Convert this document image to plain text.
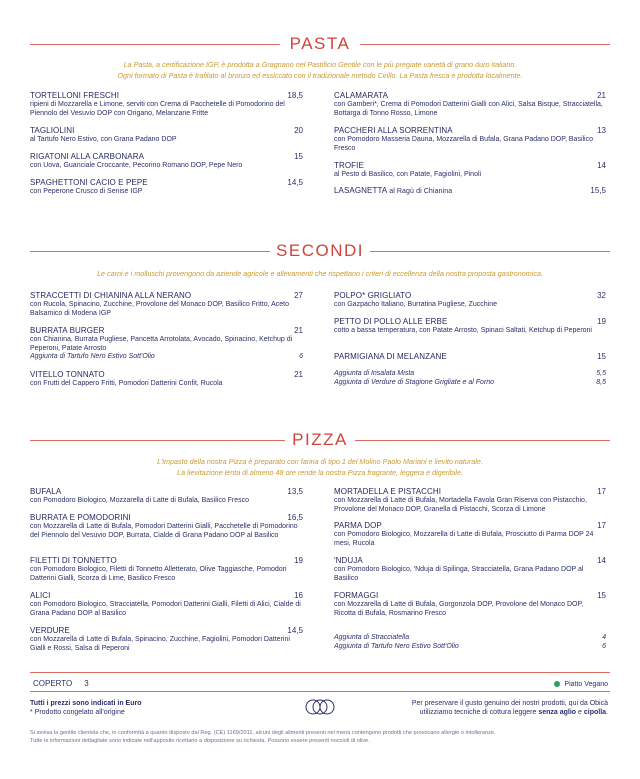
PASTA
La Pasta, a certificazione IGP, è prodotta a Gragnano nel Pastificio Gentile con le più pregiate varietà di grano duro italiano.
Ogni formato di Pasta è trafilato al bronzo ed essiccato con il tradizionale metodo Cirillo. La Pasta fresca è prodotta localmente.
TORTELLONI FRESCHI
ripieni di Mozzarella e Limone, serviti con Crema di Pacchetelle di Pomodorino del Piennolo del Vesuvio DOP con Origano, Melanzane Fritte
18,5
TAGLIOLINI
al Tartufo Nero Estivo, con Grana Padano DOP
20
RIGATONI ALLA CARBONARA
con Uova, Guanciale Croccante, Pecorino Romano DOP, Pepe Nero
15
SPAGHETTONI CACIO E PEPE
con Peperone Crusco di Senise IGP
14,5
CALAMARATA
con Gamberi*, Crema di Pomodori Datterini Gialli con Alici, Salsa Bisque, Stracciatella, Bottarga di Tonno Rosso, Limone
21
PACCHERI ALLA SORRENTINA
con Pomodoro Masseria Dauna, Mozzarella di Bufala, Grana Padano DOP, Basilico Fresco
13
TROFIE
al Pesto di Basilico, con Patate, Fagiolini, Pinoli
14
LASAGNETTA al Ragù di Chianina	15,5
SECONDI
Le carni e i molluschi provengono da aziende agricole e allevamenti che rispettano i criteri di eccellenza della nostra proposta gastronomica.
STRACCETTI DI CHIANINA ALLA NERANO
con Rucola, Spinacino, Zucchine, Provolone del Monaco DOP, Basilico Fritto, Aceto Balsamico di Modena IGP
27
BURRATA BURGER
con Chianina, Burrata Pugliese, Pancetta Arrotolata, Avocado, Spinacino, Ketchup di Peperoni, Patate Arrosto
Aggiunta di Tartufo Nero Estivo Sott'Olio	6
21
VITELLO TONNATO
con Frutti del Cappero Fritti, Pomodori Datterini Confit, Rucola
21
POLPO* GRIGLIATO
con Gazpacho Italiano, Burratina Pugliese, Zucchine
32
PETTO DI POLLO ALLE ERBE
cotto a bassa temperatura, con Patate Arrosto, Spinaci Saltati, Ketchup di Peperoni
19
PARMIGIANA DI MELANZANE	15
Aggiunta di Insalata Mista	5,5
Aggiunta di Verdure di Stagione Grigliate e al Forno	8,5
PIZZA
L'impasto della nostra Pizza è preparato con farina di tipo 1 del Molino Paolo Mariani e lievito naturale.
La lievitazione lenta di almeno 48 ore rende la nostra Pizza fragrante, leggera e digeribile.
BUFALA
con Pomodoro Biologico, Mozzarella di Latte di Bufala, Basilico Fresco
13,5
BURRATA E POMODORINI
con Mozzarella di Latte di Bufala, Pomodori Datterini Gialli, Pacchetelle di Pomodorino del Piennolo del Vesuvio DOP, Burrata, Cialde di Grana Padano DOP al Basilico
16,5
FILETTI DI TONNETTO
con Pomodoro Biologico, Filetti di Tonnetto Alletterato, Olive Taggiasche, Pomodori Datterini Gialli, Scorza di Lime, Basilico Fresco
19
ALICI
con Pomodoro Biologico, Stracciatella, Pomodori Datterini Gialli, Filetti di Alici, Cialde di Grana Padano DOP al Basilico
16
VERDURE
con Mozzarella di Latte di Bufala, Spinacino, Zucchine, Fagiolini, Pomodori Datterini Gialli e Rossi, Salsa di Peperoni
14,5
MORTADELLA E PISTACCHI
con Mozzarella di Latte di Bufala, Mortadella Favola Gran Riserva con Pistacchio, Provolone del Monaco DOP, Granella di Pistacchi, Scorza di Limone
17
PARMA DOP
con Pomodoro Biologico, Mozzarella di Latte di Bufala, Prosciutto di Parma DOP 24 mesi, Rucola
17
'NDUJA
con Pomodoro Biologico, 'Nduja di Spilinga, Stracciatella, Grana Padano DOP al Basilico
14
FORMAGGI
con Mozzarella di Latte di Bufala, Gorgonzola DOP, Provolone del Monaco DOP, Ricotta di Bufala, Rosmarino Fresco
15
Aggiunta di Stracciatella	4
Aggiunta di Tartufo Nero Estivo Sott'Olio	6
COPERTO 3	Piatto Vegano
Tutti i prezzi sono indicati in Euro
* Prodotto congelato all'origine
Per preservare il gusto genuino dei nostri prodotti, qui da Obicà
utilizziamo tecniche di cottura leggere senza aglio e cipolla.
Si avvisa la gentile clientela che, in conformità a quanto disposto dal Reg. (CE) 1169/2011, alcuni degli alimenti presenti nel menù contengono prodotti che provocano allergie o intolleranze.
Tutte le informazioni dettagliate sono indicate nell'apposito ricettario a disposizione su richiesta. Possono essere presenti noccioli di olive.
